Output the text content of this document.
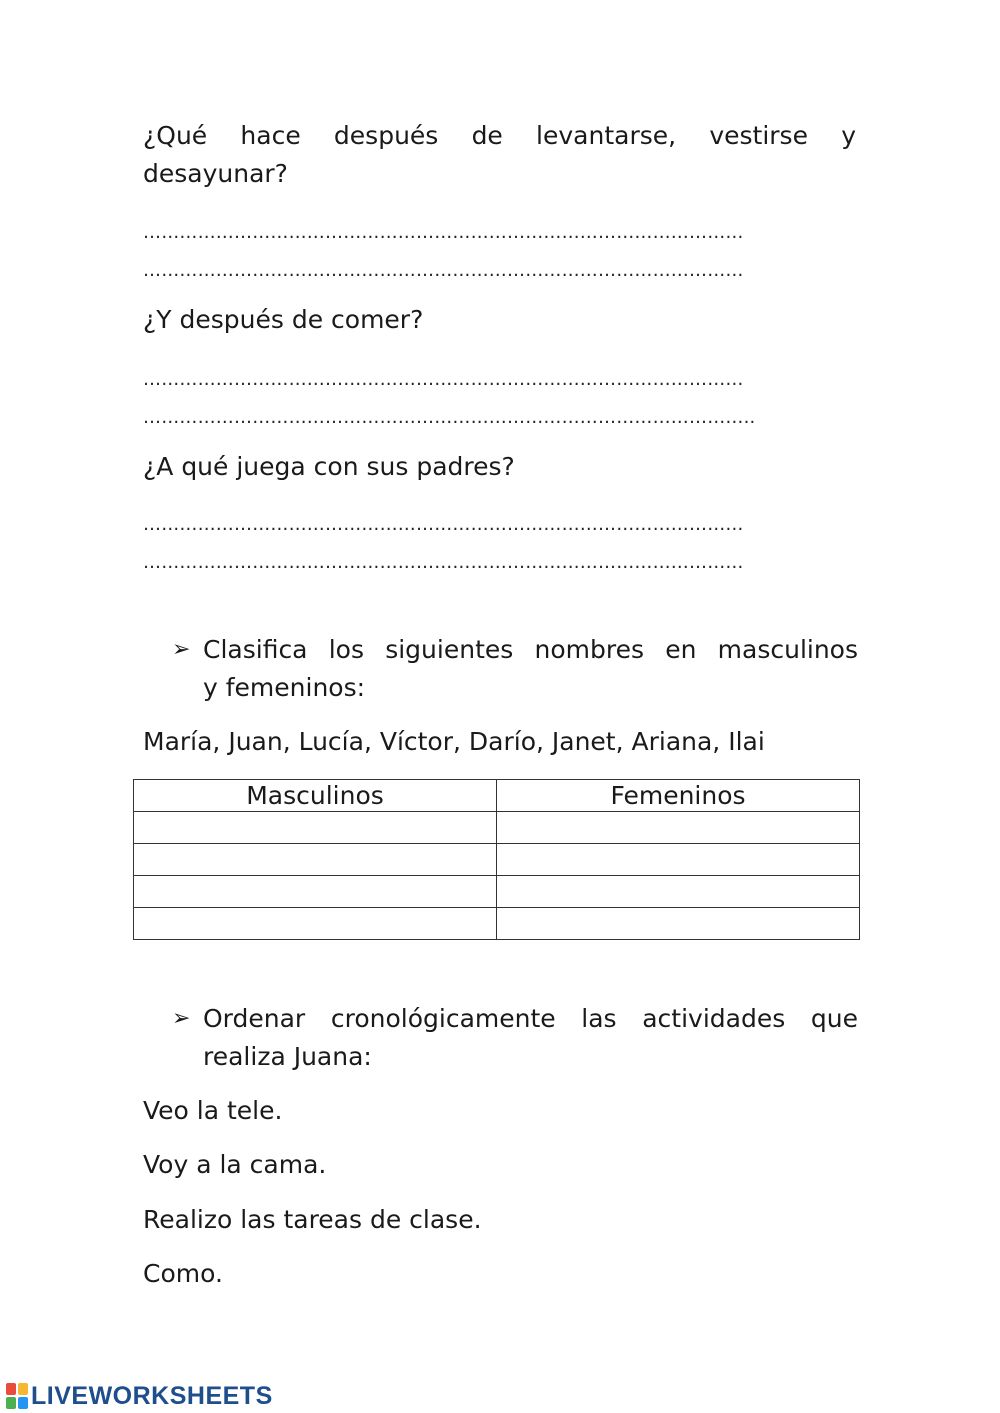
¿Qué hace después de levantarse, vestirse y
desayunar?
………………………………………………………………………………………
………………………………………………………………………………………
¿Y después de comer?
………………………………………………………………………………………
………………………………………………………………………………………..
¿A qué juega con sus padres?
………………………………………………………………………………………
………………………………………………………………………………………
➢ Clasifica los siguientes nombres en masculinos
y femeninos:
María, Juan, Lucía, Víctor, Darío, Janet, Ariana, Ilai
Masculinos	Femeninos

➢ Ordenar cronológicamente las actividades que
realiza Juana:
Veo la tele.
Voy a la cama.
Realizo las tareas de clase.
Como.
LIVEWORKSHEETS
